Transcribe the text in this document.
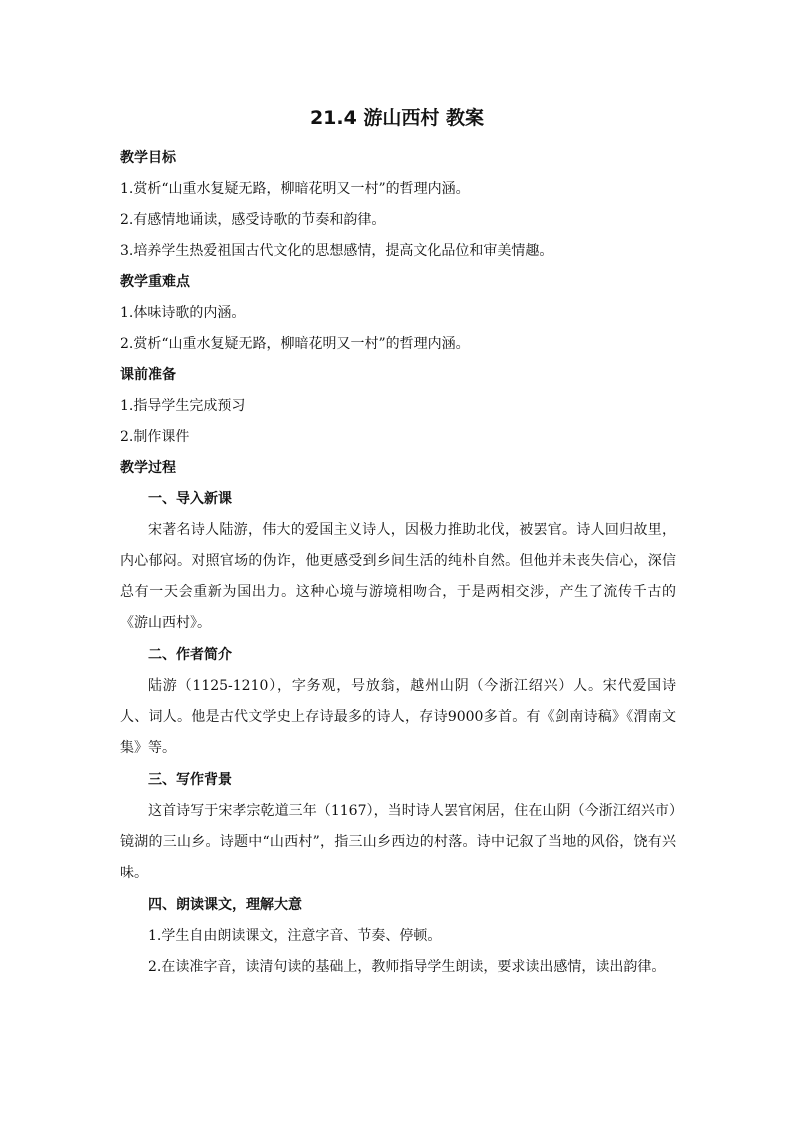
21.4 游山西村 教案
教学目标
1.赏析“山重水复疑无路，柳暗花明又一村”的哲理内涵。
2.有感情地诵读，感受诗歌的节奏和韵律。
3.培养学生热爱祖国古代文化的思想感情，提高文化品位和审美情趣。
教学重难点
1.体味诗歌的内涵。
2.赏析“山重水复疑无路，柳暗花明又一村”的哲理内涵。
课前准备
1.指导学生完成预习
2.制作课件
教学过程
一、导入新课
宋著名诗人陆游，伟大的爱国主义诗人，因极力推助北伐，被罢官。诗人回归故里，内心郁闷。对照官场的伪诈，他更感受到乡间生活的纯朴自然。但他并未丧失信心，深信总有一天会重新为国出力。这种心境与游境相吻合，于是两相交涉，产生了流传千古的《游山西村》。
二、作者简介
陆游（1125-1210），字务观，号放翁，越州山阴（今浙江绍兴）人。宋代爱国诗人、词人。他是古代文学史上存诗最多的诗人，存诗9000多首。有《剑南诗稿》《渭南文集》等。
三、写作背景
这首诗写于宋孝宗乾道三年（1167），当时诗人罢官闲居，住在山阴（今浙江绍兴市）镜湖的三山乡。诗题中“山西村”，指三山乡西边的村落。诗中记叙了当地的风俗，饶有兴味。
四、朗读课文，理解大意
1.学生自由朗读课文，注意字音、节奏、停顿。
2.在读准字音，读清句读的基础上，教师指导学生朗读，要求读出感情，读出韵律。
